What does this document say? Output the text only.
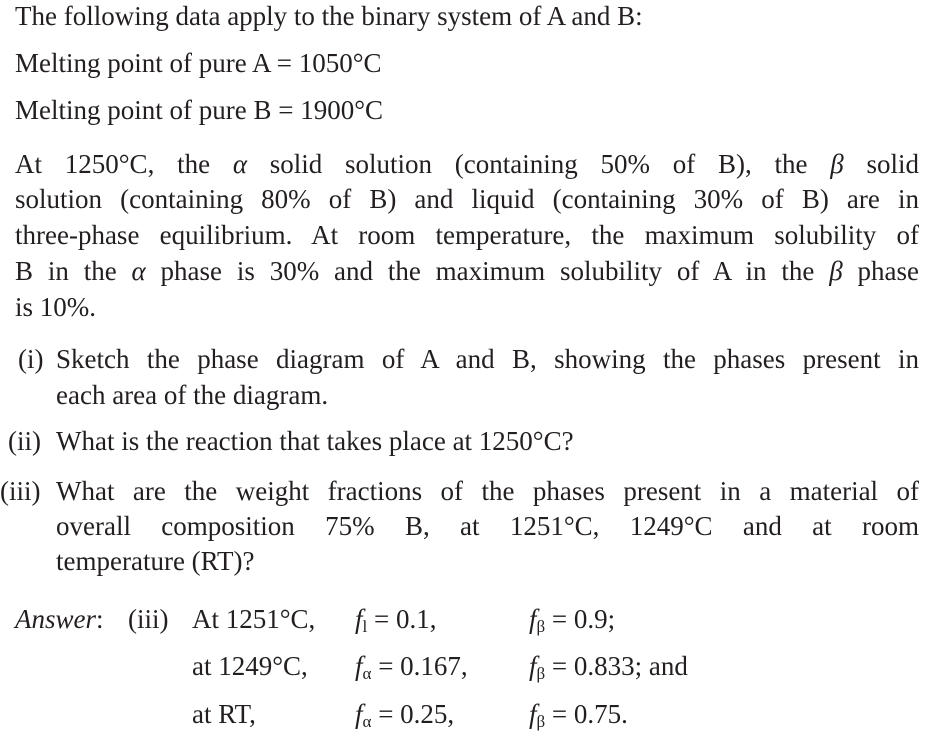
The following data apply to the binary system of A and B:
Melting point of pure A = 1050°C
Melting point of pure B = 1900°C
At 1250°C, the α solid solution (containing 50% of B), the β solid
solution (containing 80% of B) and liquid (containing 30% of B) are in
three-phase equilibrium. At room temperature, the maximum solubility of
B in the α phase is 30% and the maximum solubility of A in the β phase
is 10%.
(i) Sketch the phase diagram of A and B, showing the phases present in
each area of the diagram.
(ii) What is the reaction that takes place at 1250°C?
(iii) What are the weight fractions of the phases present in a material of
overall composition 75% B, at 1251°C, 1249°C and at room
temperature (RT)?
Answer: (iii) At 1251°C, $f_l = 0.1$,	$f_\beta = 0.9$;
at 1249°C, $f_\alpha = 0.167$, $f_\beta = 0.833$; and
at RT,	$f_\alpha = 0.25$,	$f_\beta = 0.75$.
